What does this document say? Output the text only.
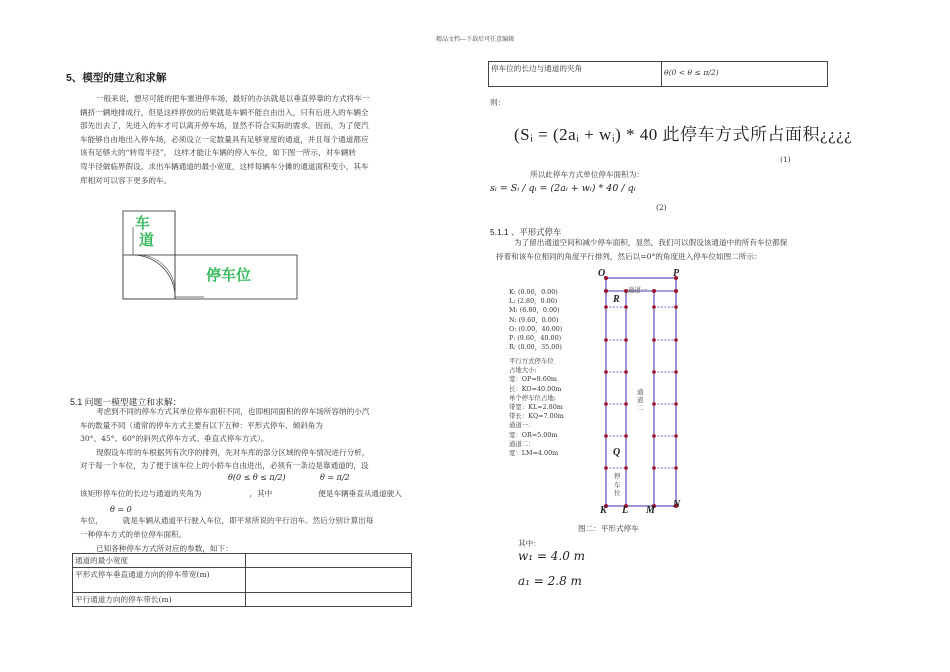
精品文档---下载后可任意编辑
5、模型的建立和求解
一般来说，想尽可能的把车塞进停车场，最好的办法就是以垂直停靠的方式将车一
辆挤一辆地排成行，但是这样停放的后果就是车辆不能自由出入，只有后进入的车辆全
部先出去了，先进入的车才可以离开停车场，显然不符合实际的需求。因而，为了使汽
车能够自由地出入停车场，必须设立一定数量具有足够宽度的通道，并且每个通道都应
该有足够大的“转弯半径”， 这样才能让车辆的停入车位，如下图一所示，对车辆转
弯半径做临界假设，求出车辆通道的最小宽度，这样每辆车分摊的通道面积变小，其车
库相对可以容下更多的车。
车
道
停车位
5.1 问题一模型建立和求解：
考虑到不同的停车方式其单位停车面积不同，也即相同面积的停车场所容纳的小汽
车的数量不同（通常的停车方式主要有以下五种：平形式停车、倾斜角为
30°、45°、60°的斜列式停车方式、垂直式停车方式）。
现假设车库的车根据列有次序的排列，先对车库的部分区域的停车情况进行分析，
对于每一个车位，为了便于该车位上的小轿车自由进出，必须有一条边是靠通道的，设
θ(0 ≤ θ ≤ π/2)	θ = π/2
该矩形停车位的长边与通道的夹角为	，其中	便是车辆垂直从通道驶入
θ = 0
车位，	就是车辆从通道平行驶入车位，即平常所说的平行泊车。然后分别计算出每
一种停车方式的单位停车面积。
已知各种停车方式所对应的参数，如下：
通道的最小宽度	
平形式停车垂直通道方向的停车带宽(m)	
平行通道方向的停车带长(m)	
停车位的长边与通道的夹角	θ(0 < θ ≤ π/2)
则：
(Sᵢ = (2aᵢ + wᵢ) * 40 此停车方式所占面积¿¿¿¿
(1)
所以此停车方式单位停车面积为：
sᵢ = Sᵢ / qᵢ = (2aᵢ + wᵢ) * 40 / qᵢ
(2)
5.1.1 、平形式停车
为了留出通道空间和减少停车面积，显然，我们可以假设该通道中的所有车位都保
持着和该车位相同的角度平行排列，然后以=0°的角度进入停车位如图二所示：
O	P
R
Q
K L M
N
通道一
通道二
停车位
K: (0.00，0.00)
L: (2.80，0.00)
M: (6.80，0.00)
N: (9.60，0.00)
O: (0.00，40.00)
P: (9.60，40.00)
R: (0.00，35.00)
平行方式停车位
占地大小:
宽：OP=9.60m
长：KO=40.00m
单个停车位占地:
带宽：KL=2.80m
带长：KQ=7.00m
通道一：
宽：OR=5.00m
通道二：
宽：LM=4.00m
图二：平形式停车
其中：
w₁ = 4.0 m
a₁ = 2.8 m
